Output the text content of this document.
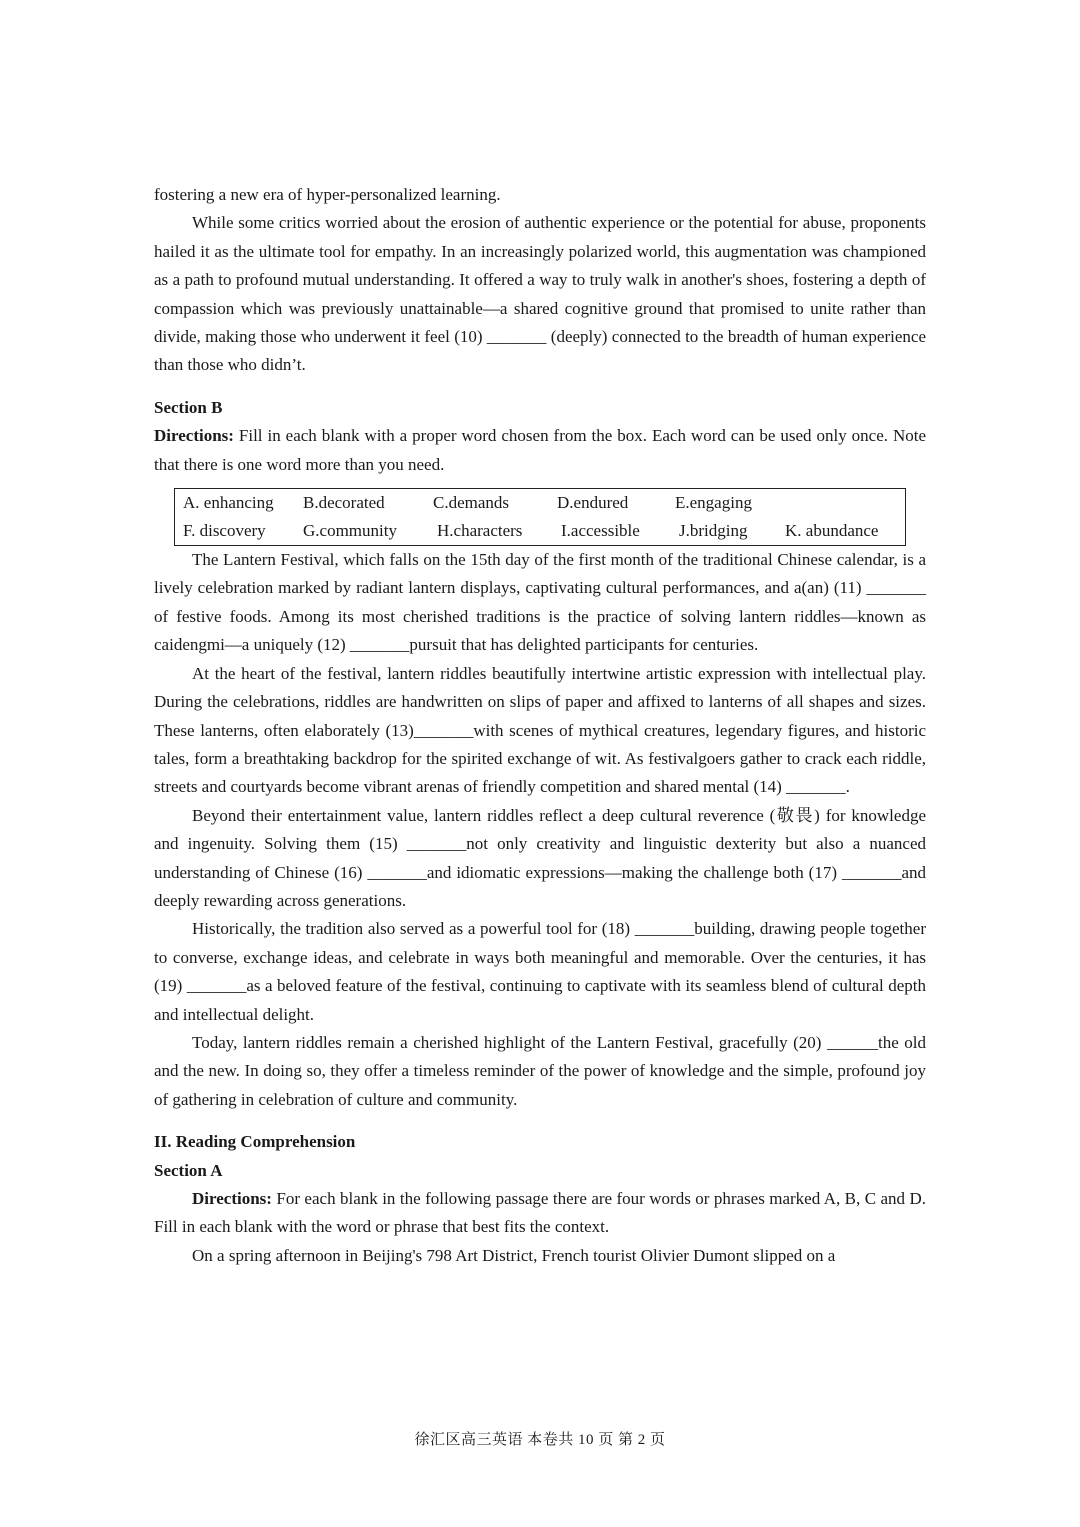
fostering a new era of hyper-personalized learning.

While some critics worried about the erosion of authentic experience or the potential for abuse, proponents hailed it as the ultimate tool for empathy. In an increasingly polarized world, this augmentation was championed as a path to profound mutual understanding. It offered a way to truly walk in another's shoes, fostering a depth of compassion which was previously unattainable—a shared cognitive ground that promised to unite rather than divide, making those who underwent it feel (10) _______ (deeply) connected to the breadth of human experience than those who didn’t.

Section B

Directions: Fill in each blank with a proper word chosen from the box. Each word can be used only once. Note that there is one word more than you need.

A. enhancing	B.decorated	C.demands	D.endured	E.engaging
F. discovery	G.community	H.characters	I.accessible	J.bridging	K. abundance

The Lantern Festival, which falls on the 15th day of the first month of the traditional Chinese calendar, is a lively celebration marked by radiant lantern displays, captivating cultural performances, and a(an) (11) _______ of festive foods. Among its most cherished traditions is the practice of solving lantern riddles—known as caidengmi—a uniquely (12) _______pursuit that has delighted participants for centuries.

At the heart of the festival, lantern riddles beautifully intertwine artistic expression with intellectual play. During the celebrations, riddles are handwritten on slips of paper and affixed to lanterns of all shapes and sizes. These lanterns, often elaborately (13)_______with scenes of mythical creatures, legendary figures, and historic tales, form a breathtaking backdrop for the spirited exchange of wit. As festivalgoers gather to crack each riddle, streets and courtyards become vibrant arenas of friendly competition and shared mental (14) _______.

Beyond their entertainment value, lantern riddles reflect a deep cultural reverence (敬畏) for knowledge and ingenuity. Solving them (15) _______not only creativity and linguistic dexterity but also a nuanced understanding of Chinese (16) _______and idiomatic expressions—making the challenge both (17) _______and deeply rewarding across generations.

Historically, the tradition also served as a powerful tool for (18) _______building, drawing people together to converse, exchange ideas, and celebrate in ways both meaningful and memorable. Over the centuries, it has (19) _______as a beloved feature of the festival, continuing to captivate with its seamless blend of cultural depth and intellectual delight.

Today, lantern riddles remain a cherished highlight of the Lantern Festival, gracefully (20) ______the old and the new. In doing so, they offer a timeless reminder of the power of knowledge and the simple, profound joy of gathering in celebration of culture and community.

II. Reading Comprehension

Section A

Directions: For each blank in the following passage there are four words or phrases marked A, B, C and D. Fill in each blank with the word or phrase that best fits the context.

On a spring afternoon in Beijing's 798 Art District, French tourist Olivier Dumont slipped on a

徐汇区高三英语 本卷共 10 页 第 2 页
